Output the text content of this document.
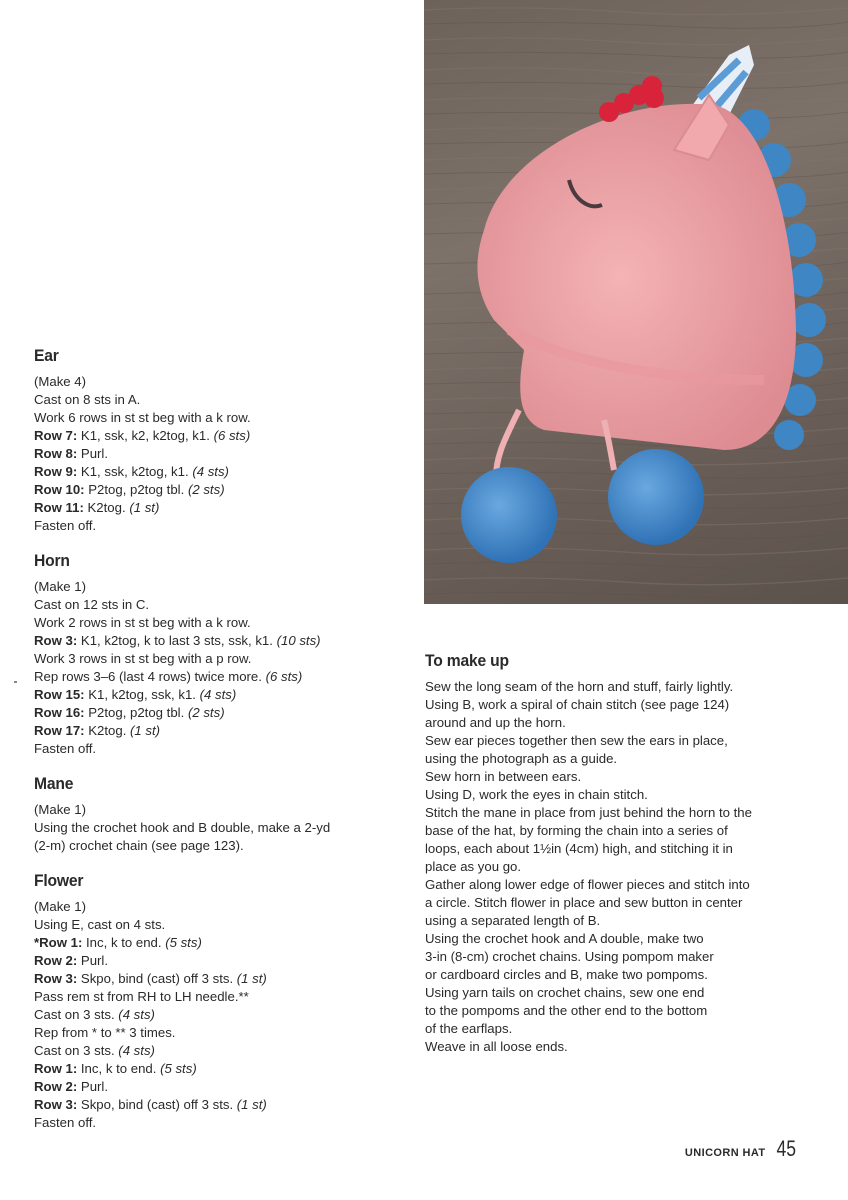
Ear
(Make 4)
Cast on 8 sts in A.
Work 6 rows in st st beg with a k row.
Row 7: K1, ssk, k2, k2tog, k1. (6 sts)
Row 8: Purl.
Row 9: K1, ssk, k2tog, k1. (4 sts)
Row 10: P2tog, p2tog tbl. (2 sts)
Row 11: K2tog. (1 st)
Fasten off.
Horn
(Make 1)
Cast on 12 sts in C.
Work 2 rows in st st beg with a k row.
Row 3: K1, k2tog, k to last 3 sts, ssk, k1. (10 sts)
Work 3 rows in st st beg with a p row.
Rep rows 3–6 (last 4 rows) twice more. (6 sts)
Row 15: K1, k2tog, ssk, k1. (4 sts)
Row 16: P2tog, p2tog tbl. (2 sts)
Row 17: K2tog. (1 st)
Fasten off.
Mane
(Make 1)
Using the crochet hook and B double, make a 2-yd
(2-m) crochet chain (see page 123).
Flower
(Make 1)
Using E, cast on 4 sts.
*Row 1: Inc, k to end. (5 sts)
Row 2: Purl.
Row 3: Skpo, bind (cast) off 3 sts. (1 st)
Pass rem st from RH to LH needle.**
Cast on 3 sts. (4 sts)
Rep from * to ** 3 times.
Cast on 3 sts. (4 sts)
Row 1: Inc, k to end. (5 sts)
Row 2: Purl.
Row 3: Skpo, bind (cast) off 3 sts. (1 st)
Fasten off.
To make up
Sew the long seam of the horn and stuff, fairly lightly.
Using B, work a spiral of chain stitch (see page 124)
around and up the horn.
Sew ear pieces together then sew the ears in place,
using the photograph as a guide.
Sew horn in between ears.
Using D, work the eyes in chain stitch.
Stitch the mane in place from just behind the horn to the
base of the hat, by forming the chain into a series of
loops, each about 1½in (4cm) high, and stitching it in
place as you go.
Gather along lower edge of flower pieces and stitch into
a circle. Stitch flower in place and sew button in center
using a separated length of B.
Using the crochet hook and A double, make two
3-in (8-cm) crochet chains. Using pompom maker
or cardboard circles and B, make two pompoms.
Using yarn tails on crochet chains, sew one end
to the pompoms and the other end to the bottom
of the earflaps.
Weave in all loose ends.
UNICORN HAT 45
